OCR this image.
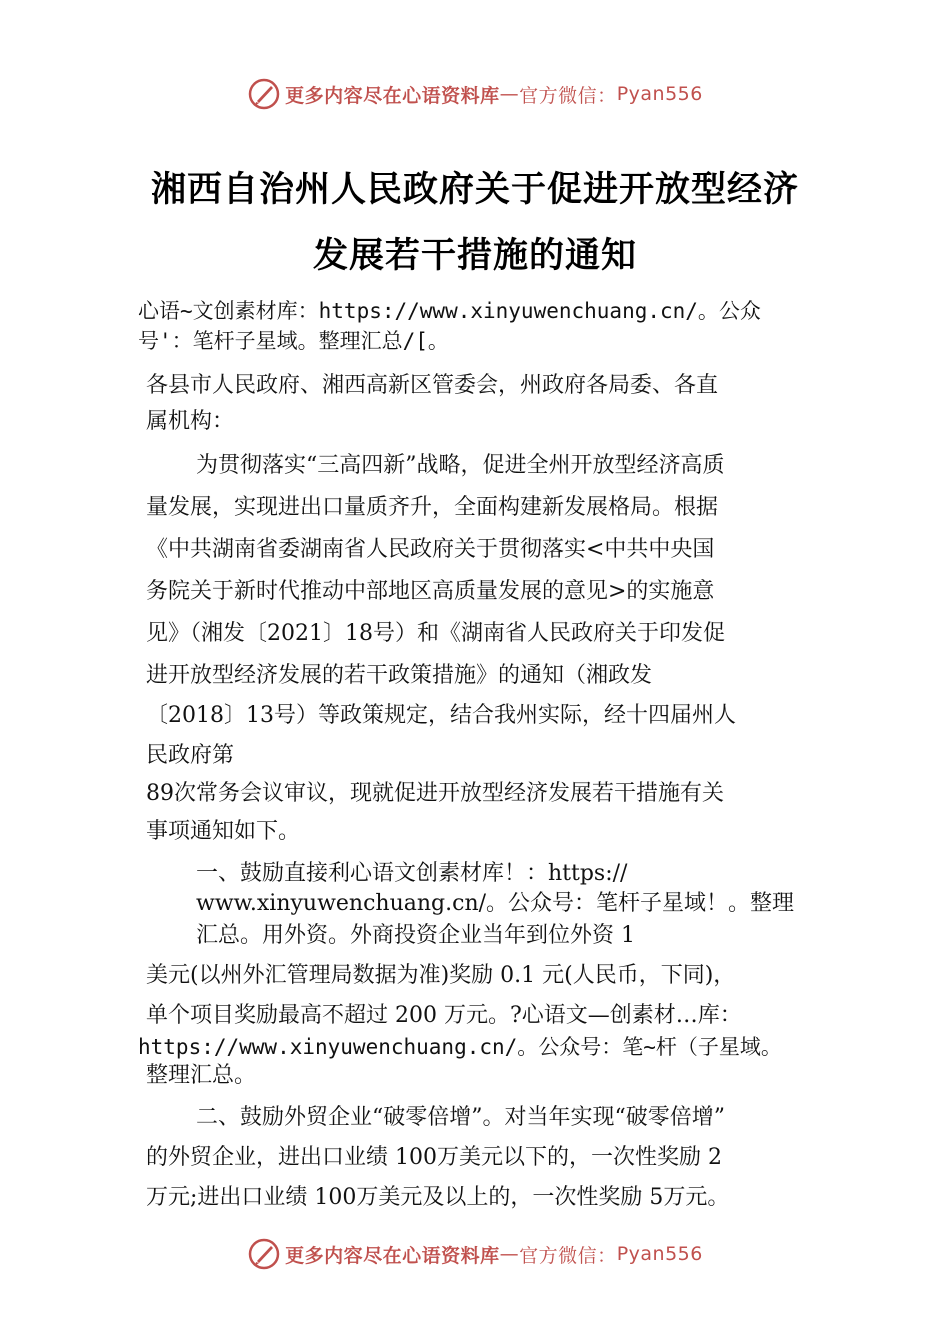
更多内容尽在心语资料库 — 官方微信： Pyan556
湘西自治州人民政府关于促进开放型经济
发展若干措施的通知
心语~文创素材库：https://www.xinyuwenchuang.cn/。公众
号'：笔杆子星域。整理汇总/[。
各县市人民政府、湘西高新区管委会，州政府各局委、各直
属机构：
为贯彻落实“三高四新”战略，促进全州开放型经济高质
量发展，实现进出口量质齐升，全面构建新发展格局。根据
《中共湖南省委湖南省人民政府关于贯彻落实<中共中央国
务院关于新时代推动中部地区高质量发展的意见>的实施意
见》（湘发〔2021〕18号）和《湖南省人民政府关于印发促
进开放型经济发展的若干政策措施》的通知（湘政发
〔2018〕13号）等政策规定，结合我州实际，经十四届州人
民政府第
89次常务会议审议，现就促进开放型经济发展若干措施有关
事项通知如下。
一、鼓励直接利心语文创素材库！：https://
www.xinyuwenchuang.cn/。公众号：笔杆子星域！。整理
汇总。用外资。外商投资企业当年到位外资 1
美元(以州外汇管理局数据为准)奖励 0.1 元(人民币，下同)，
单个项目奖励最高不超过 200 万元。?心语文—创素材…库：
https://www.xinyuwenchuang.cn/。公众号：笔~杆（子星域。
整理汇总。
二、鼓励外贸企业“破零倍增”。对当年实现“破零倍增”
的外贸企业，进出口业绩 100万美元以下的，一次性奖励 2
万元;进出口业绩 100万美元及以上的，一次性奖励 5万元。
更多内容尽在心语资料库 — 官方微信： Pyan556
